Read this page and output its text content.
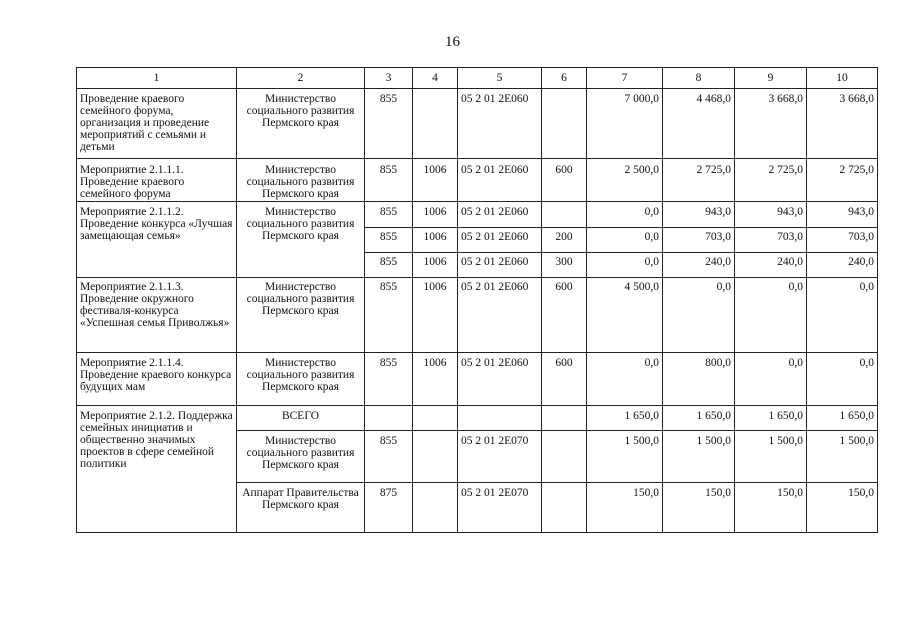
16
1	2	3	4	5	6	7	8	9	10
Проведение краевого семейного форума, организация и проведение мероприятий с семьями и детьми	Министерство социального развития Пермского края	855		05 2 01 2Е060		7 000,0	4 468,0	3 668,0	3 668,0
Мероприятие 2.1.1.1. Проведение краевого семейного форума	Министерство социального развития Пермского края	855	1006	05 2 01 2Е060	600	2 500,0	2 725,0	2 725,0	2 725,0
Мероприятие 2.1.1.2. Проведение конкурса «Лучшая замещающая семья»	Министерство социального развития Пермского края	855	1006	05 2 01 2Е060		0,0	943,0	943,0	943,0
		855	1006	05 2 01 2Е060	200	0,0	703,0	703,0	703,0
		855	1006	05 2 01 2Е060	300	0,0	240,0	240,0	240,0
Мероприятие 2.1.1.3. Проведение окружного фестиваля-конкурса «Успешная семья Приволжья»	Министерство социального развития Пермского края	855	1006	05 2 01 2Е060	600	4 500,0	0,0	0,0	0,0
Мероприятие 2.1.1.4. Проведение краевого конкурса будущих мам	Министерство социального развития Пермского края	855	1006	05 2 01 2Е060	600	0,0	800,0	0,0	0,0
Мероприятие 2.1.2. Поддержка семейных инициатив и общественно значимых проектов в сфере семейной политики	ВСЕГО					1 650,0	1 650,0	1 650,0	1 650,0
	Министерство социального развития Пермского края	855		05 2 01 2Е070		1 500,0	1 500,0	1 500,0	1 500,0
	Аппарат Правительства Пермского края	875		05 2 01 2Е070		150,0	150,0	150,0	150,0
